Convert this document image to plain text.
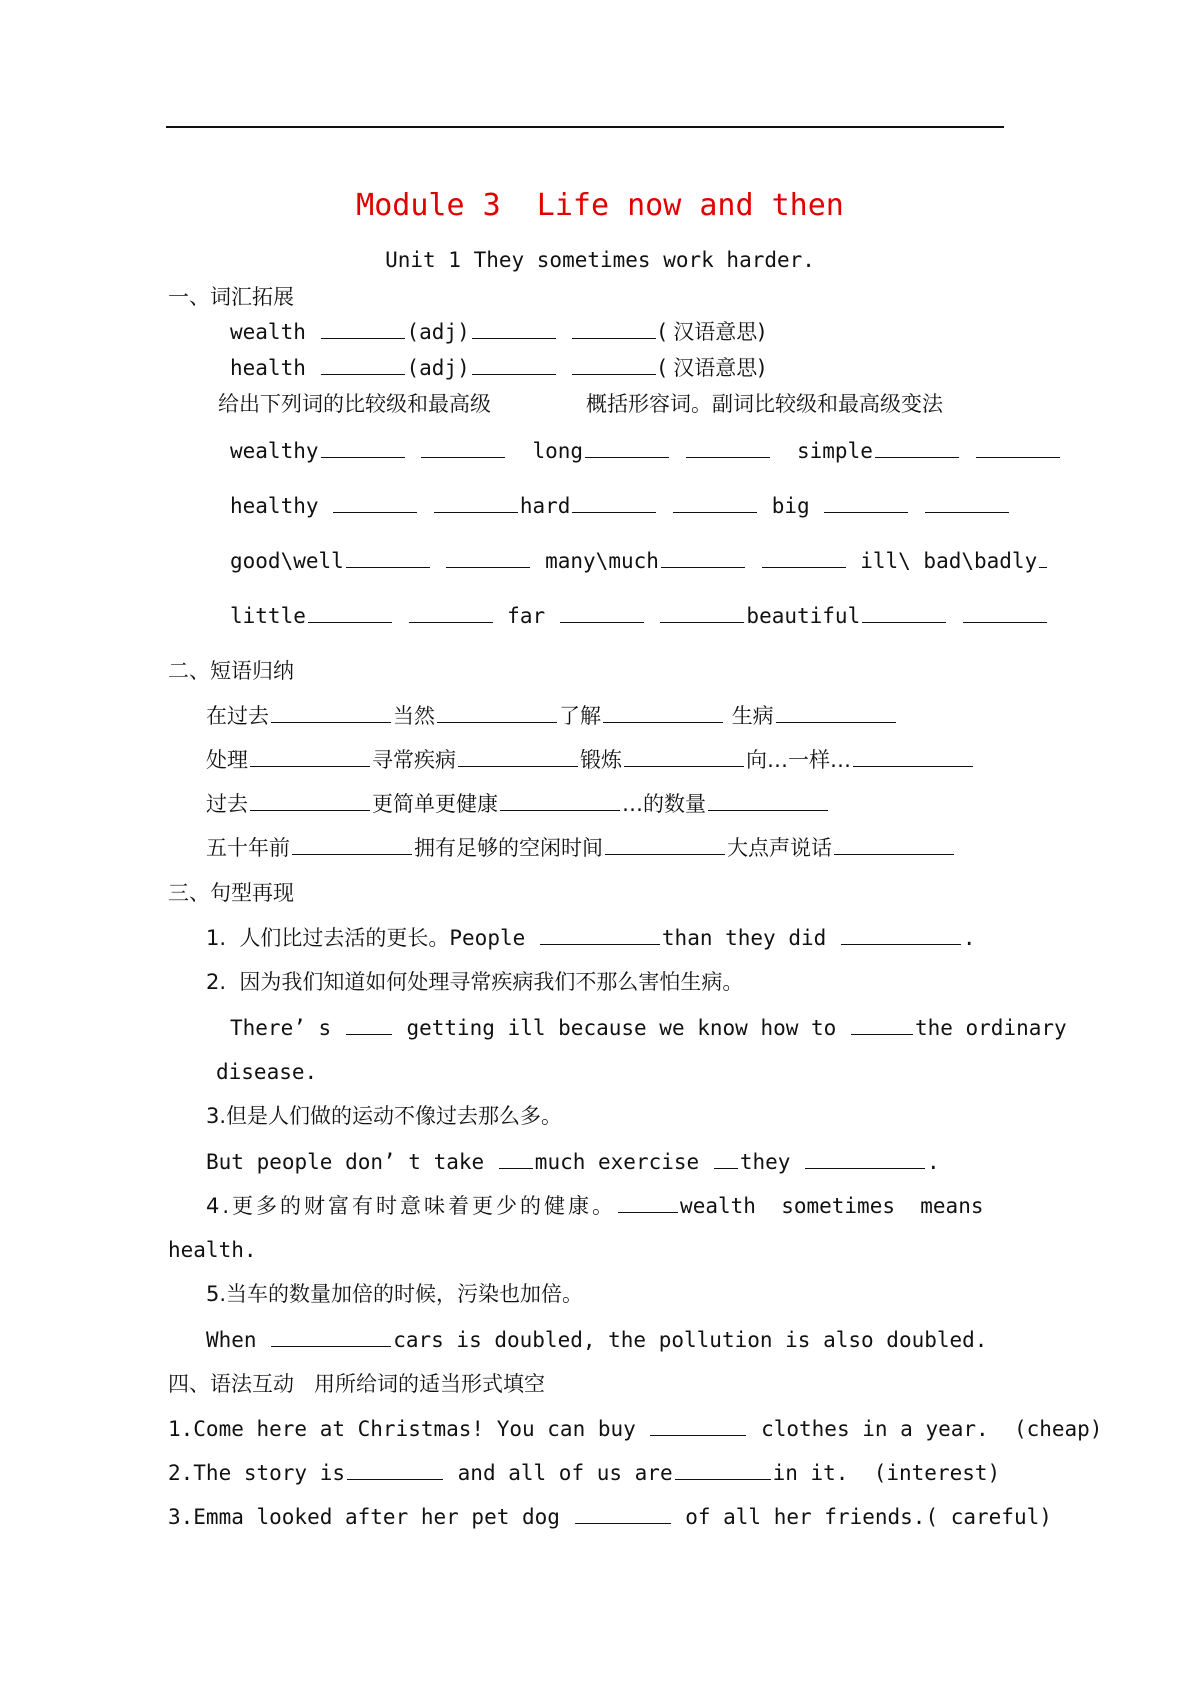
Module 3  Life now and then
Unit 1 They sometimes work harder.
一、词汇拓展
wealth	(adj)	( 汉语意思)
health	(adj)	( 汉语意思)
给出下列词的比较级和最高级	概括形容词。副词比较级和最高级变法
wealthy	long	simple
healthy	hard	big
good\well	many\much	ill\ bad\badly
little	far	beautiful
二、短语归纳
在过去	当然	了解	生病
处理	寻常疾病	锻炼	向…一样…
过去	更简单更健康	…的数量
五十年前	拥有足够的空闲时间	大点声说话
三、句型再现
1.  人们比过去活的更长。People	than they did	.
2.  因为我们知道如何处理寻常疾病我们不那么害怕生病。
There’ s  getting ill because we know how to	the ordinary
disease.
3.但是人们做的运动不像过去那么多。
But people don’ t take much exercise they	.
4.更多的财富有时意味着更少的健康。	wealth  sometimes  means
health.
5.当车的数量加倍的时候，污染也加倍。
When	cars is doubled, the pollution is also doubled.
四、语法互动   用所给词的适当形式填空
1.Come here at Christmas! You can buy	clothes in a year.  (cheap)
2.The story is	and all of us are	in it.  (interest)
3.Emma looked after her pet dog	of all her friends.( careful)
